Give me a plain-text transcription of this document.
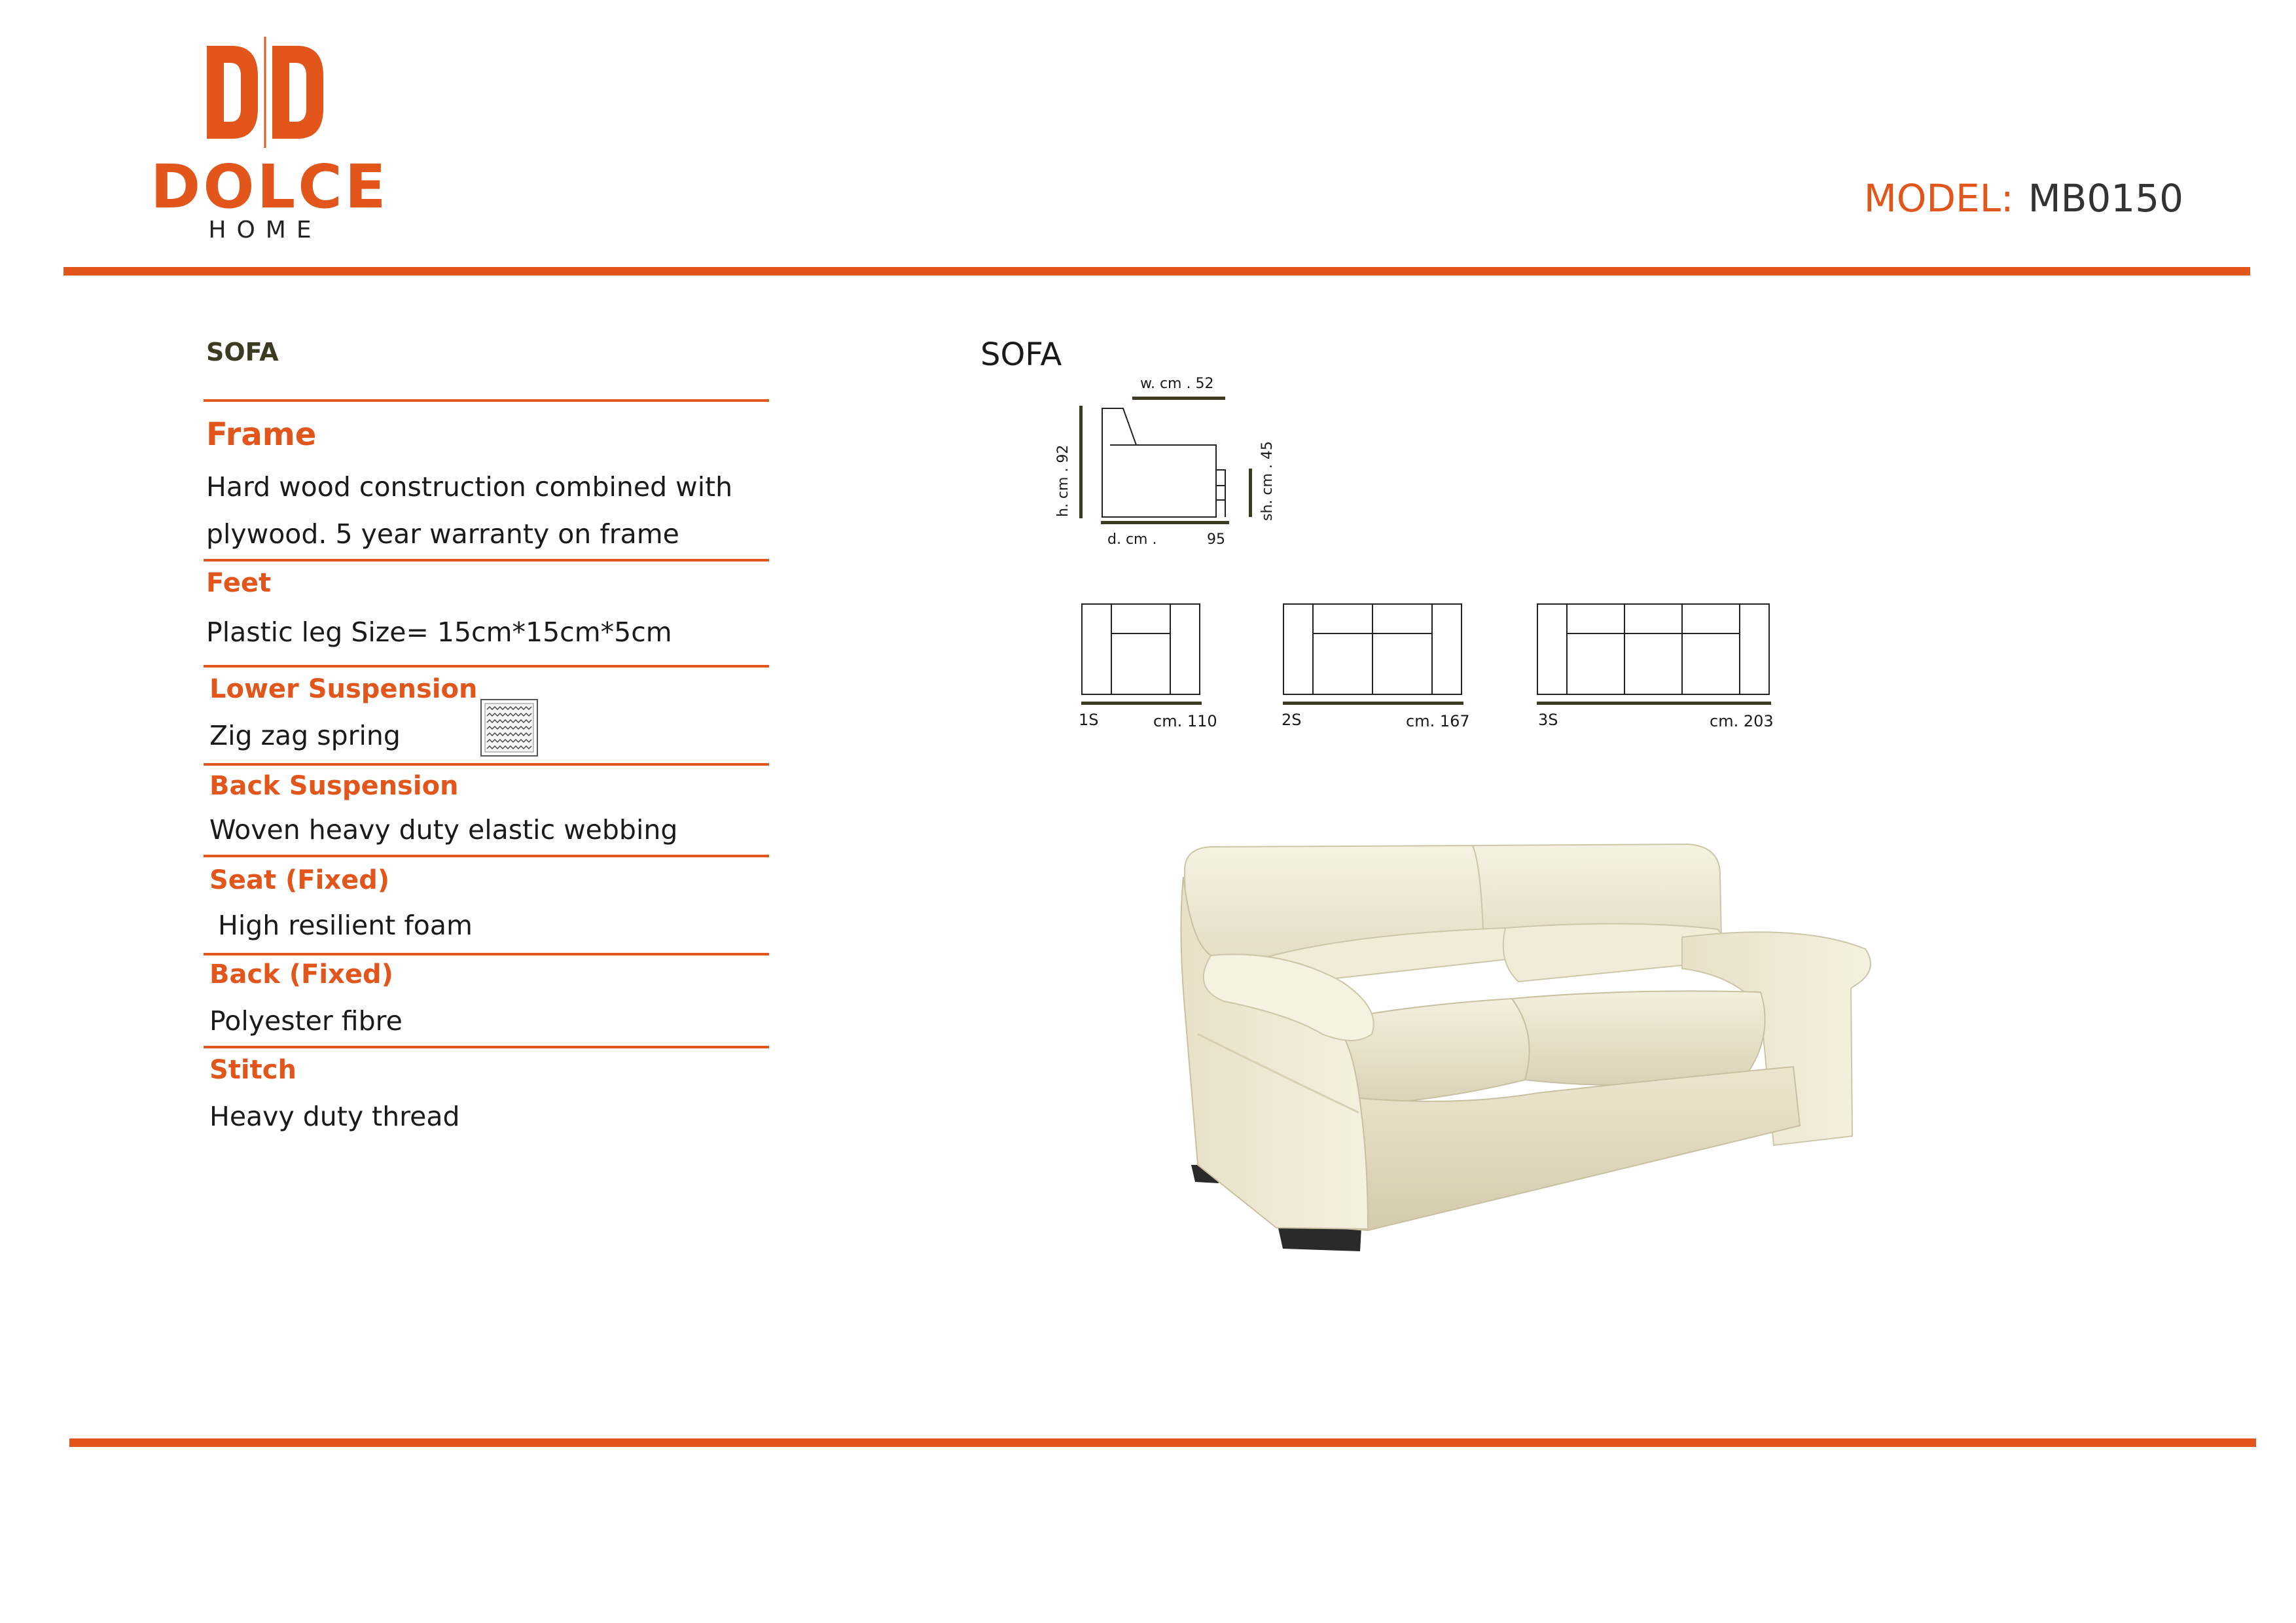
DOLCE
HOME
MODEL: MB0150
SOFA
Frame
Hard wood construction combined with
plywood. 5 year warranty on frame
Feet
Plastic leg Size= 15cm*15cm*5cm
Lower Suspension
Zig zag spring
Back Suspension
Woven heavy duty elastic webbing
Seat (Fixed)
High resilient foam
Back (Fixed)
Polyester fibre
Stitch
Heavy duty thread
SOFA
w. cm . 52
h. cm . 92	sh. cm . 45
d. cm .	95
1S	cm. 110	2S	cm. 167	3S	cm. 203
